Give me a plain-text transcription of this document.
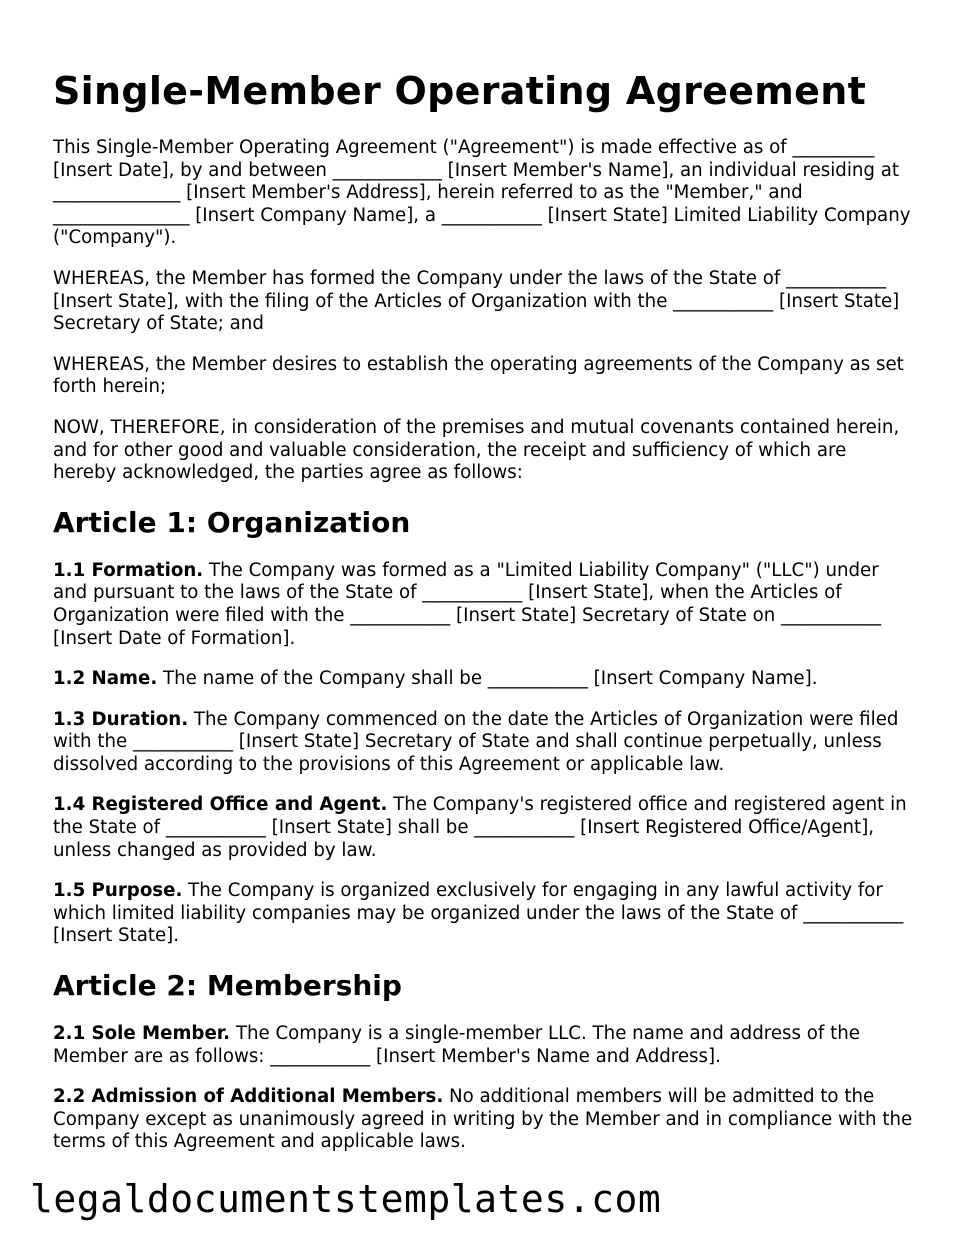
Single-Member Operating Agreement

This Single-Member Operating Agreement ("Agreement") is made effective as of _________ [Insert Date], by and between ____________ [Insert Member's Name], an individual residing at ______________ [Insert Member's Address], herein referred to as the "Member," and _______________ [Insert Company Name], a ___________ [Insert State] Limited Liability Company ("Company").

WHEREAS, the Member has formed the Company under the laws of the State of ___________ [Insert State], with the filing of the Articles of Organization with the ___________ [Insert State] Secretary of State; and

WHEREAS, the Member desires to establish the operating agreements of the Company as set forth herein;

NOW, THEREFORE, in consideration of the premises and mutual covenants contained herein, and for other good and valuable consideration, the receipt and sufficiency of which are hereby acknowledged, the parties agree as follows:

Article 1: Organization

1.1 Formation. The Company was formed as a "Limited Liability Company" ("LLC") under and pursuant to the laws of the State of ___________ [Insert State], when the Articles of Organization were filed with the ___________ [Insert State] Secretary of State on ___________ [Insert Date of Formation].

1.2 Name. The name of the Company shall be ___________ [Insert Company Name].

1.3 Duration. The Company commenced on the date the Articles of Organization were filed with the ___________ [Insert State] Secretary of State and shall continue perpetually, unless dissolved according to the provisions of this Agreement or applicable law.

1.4 Registered Office and Agent. The Company's registered office and registered agent in the State of ___________ [Insert State] shall be ___________ [Insert Registered Office/Agent], unless changed as provided by law.

1.5 Purpose. The Company is organized exclusively for engaging in any lawful activity for which limited liability companies may be organized under the laws of the State of ___________ [Insert State].

Article 2: Membership

2.1 Sole Member. The Company is a single-member LLC. The name and address of the Member are as follows: ___________ [Insert Member's Name and Address].

2.2 Admission of Additional Members. No additional members will be admitted to the Company except as unanimously agreed in writing by the Member and in compliance with the terms of this Agreement and applicable laws.

legaldocumentstemplates.com
